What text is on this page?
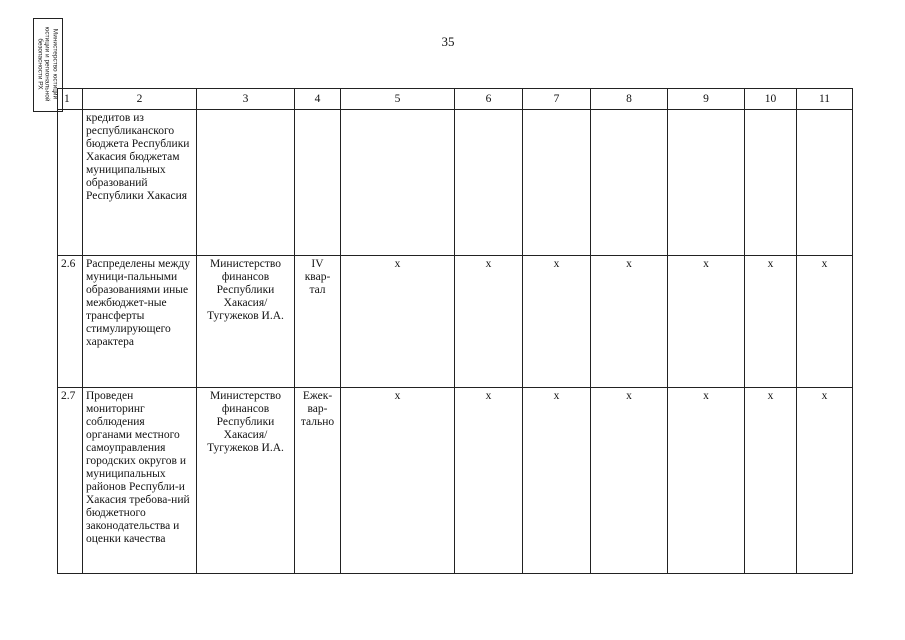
Министерство юстиции
юстиции и региональной
безопасности РХ	35
1	2	3	4	5	6	7	8	9	10	11
	кредитов из республиканского бюджета Республики Хакасия бюджетам муниципальных образований Республики Хакасия									
2.6	Распределены между муници-пальными образованиями иные межбюджет-ные трансферты стимулирующего характера	Министерство финансов Республики Хакасия/ Тугужеков И.А.	IV квар-тал	x	x	x	x	x	x	x
2.7	Проведен мониторинг соблюдения органами местного самоуправления городских округов и муниципальных районов Республи-и Хакасия требова-ний бюджетного законодательства и оценки качества	Министерство финансов Республики Хакасия/ Тугужеков И.А.	Ежек-вар-тально	x	x	x	x	x	x	x
